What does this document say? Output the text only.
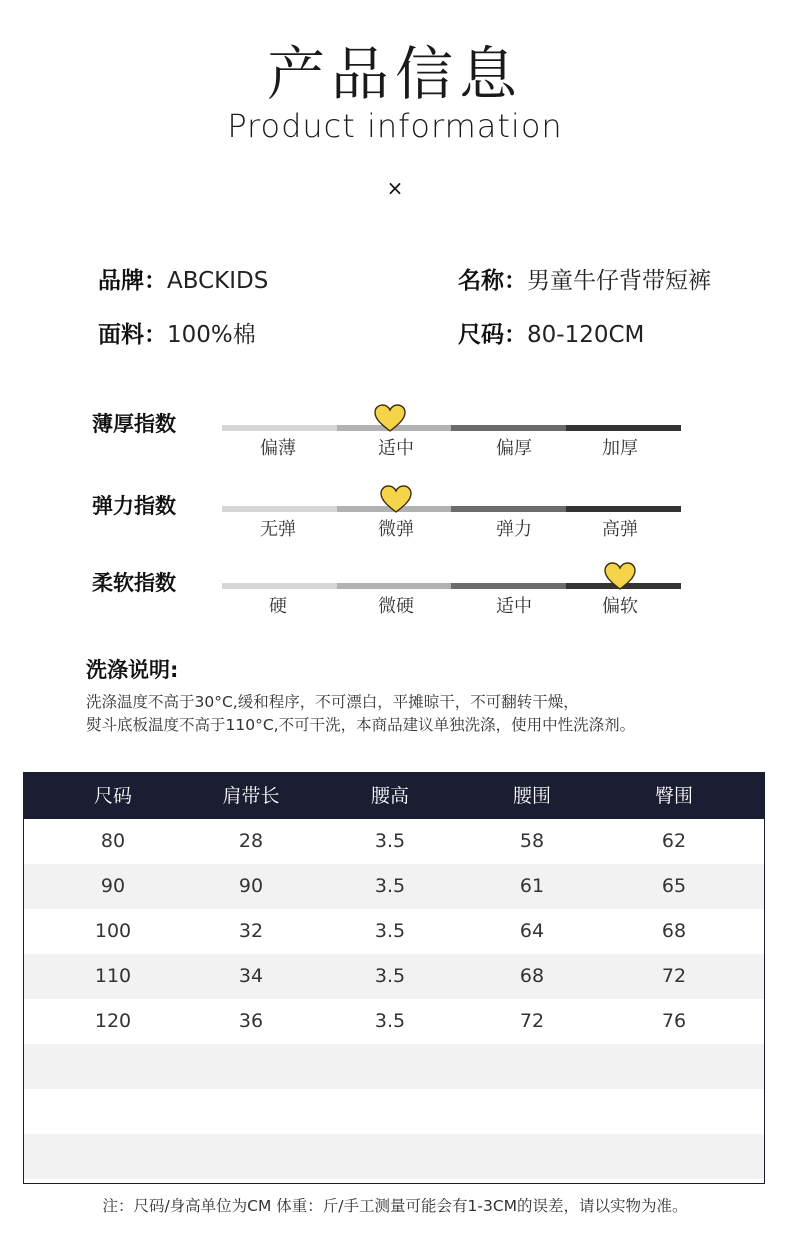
产品信息
Product information
×
品牌：ABCKIDS	名称：男童牛仔背带短裤
面料：100%棉	尺码：80-120CM
薄厚指数
偏薄	适中	偏厚	加厚
弹力指数
无弹	微弹	弹力	高弹
柔软指数
硬	微硬	适中	偏软
洗涤说明:
洗涤温度不高于30°C,缓和程序，不可漂白，平摊晾干，不可翻转干燥，
熨斗底板温度不高于110°C,不可干洗，本商品建议单独洗涤，使用中性洗涤剂。
尺码	肩带长	腰高	腰围	臀围
80	28	3.5	58	62
90	90	3.5	61	65
100	32	3.5	64	68
110	34	3.5	68	72
120	36	3.5	72	76
注：尺码/身高单位为CM 体重：斤/手工测量可能会有1-3CM的误差，请以实物为准。
